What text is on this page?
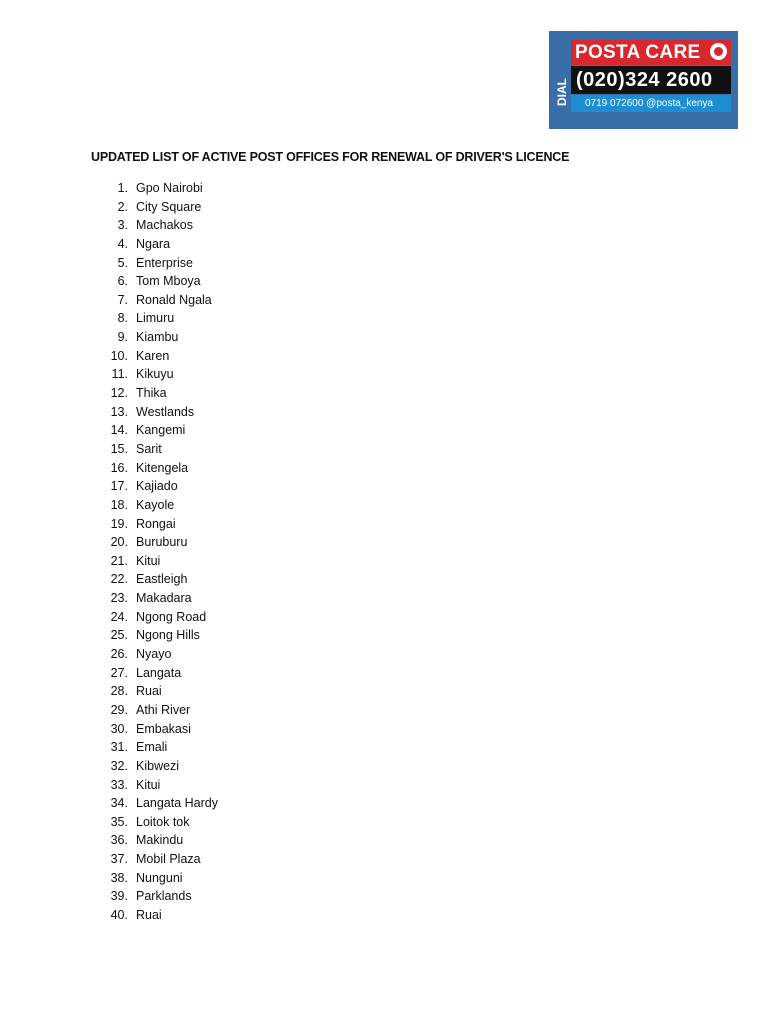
POSTA CARE
DIAL (020)324 2600
0719 072600 @posta_kenya
UPDATED LIST OF ACTIVE POST OFFICES FOR RENEWAL OF DRIVER'S LICENCE
1. Gpo Nairobi
2. City Square
3. Machakos
4. Ngara
5. Enterprise
6. Tom Mboya
7. Ronald Ngala
8. Limuru
9. Kiambu
10. Karen
11. Kikuyu
12. Thika
13. Westlands
14. Kangemi
15. Sarit
16. Kitengela
17. Kajiado
18. Kayole
19. Rongai
20. Buruburu
21. Kitui
22. Eastleigh
23. Makadara
24. Ngong Road
25. Ngong Hills
26. Nyayo
27. Langata
28. Ruai
29. Athi River
30. Embakasi
31. Emali
32. Kibwezi
33. Kitui
34. Langata Hardy
35. Loitok tok
36. Makindu
37. Mobil Plaza
38. Nunguni
39. Parklands
40. Ruai
